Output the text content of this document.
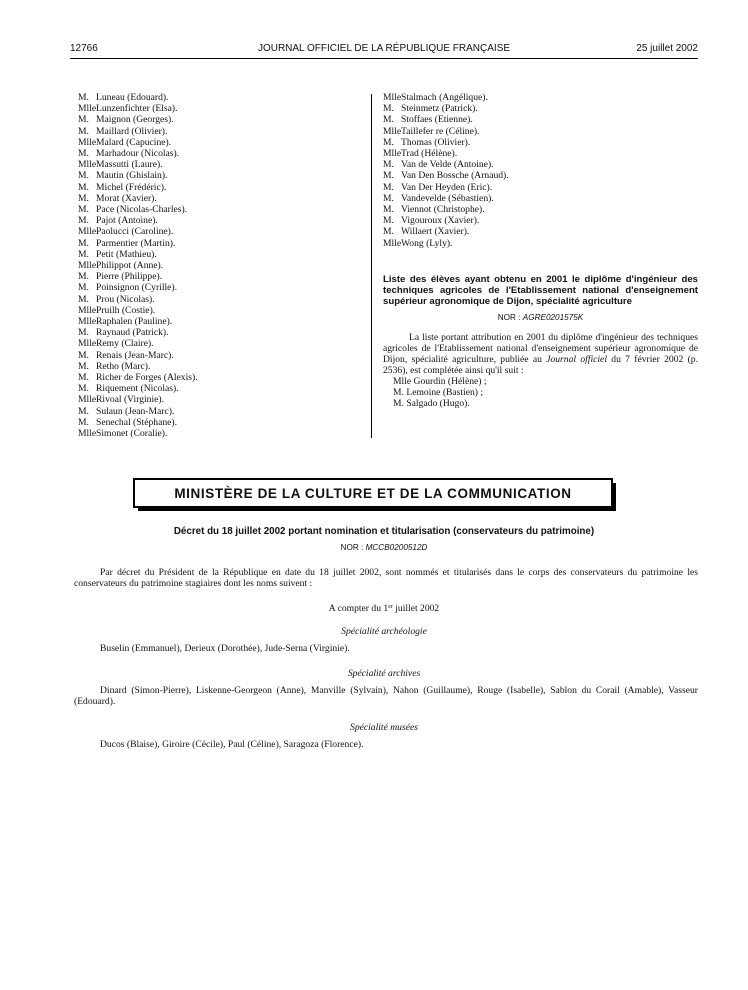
12766	JOURNAL OFFICIEL DE LA RÉPUBLIQUE FRANÇAISE	25 juillet 2002
M. Luneau (Edouard).
MlleLunzenfichter (Elsa).
M. Maignon (Georges).
M. Maillard (Olivier).
MlleMalard (Capucine).
M. Marhadour (Nicolas).
MlleMassutti (Laure).
M. Mautin (Ghislain).
M. Michel (Frédéric).
M. Morat (Xavier).
M. Pace (Nicolas-Charles).
M. Pajot (Antoine).
MllePaolucci (Caroline).
M. Parmentier (Martin).
M. Petit (Mathieu).
MllePhilippot (Anne).
M. Pierre (Philippe).
M. Poinsignon (Cyrille).
M. Prou (Nicolas).
MllePruilh (Costie).
MlleRaphalen (Pauline).
M. Raynaud (Patrick).
MlleRemy (Claire).
M. Renais (Jean-Marc).
M. Retho (Marc).
M. Richer de Forges (Alexis).
M. Riquement (Nicolas).
MlleRivoal (Virginie).
M. Sulaun (Jean-Marc).
M. Senechal (Stéphane).
MlleSimonet (Coralie).
MlleStalmach (Angélique).
M. Steinmetz (Patrick).
M. Stoffaes (Etienne).
MlleTaillefer re (Céline).
M. Thomas (Olivier).
MlleTrad (Hélène).
M. Van de Velde (Antoine).
M. Van Den Bossche (Arnaud).
M. Van Der Heyden (Eric).
M. Vandevelde (Sébastien).
M. Viennot (Christophe).
M. Vigouroux (Xavier).
M. Willaert (Xavier).
MlleWong (Lyly).
Liste des élèves ayant obtenu en 2001 le diplôme d'ingénieur des techniques agricoles de l'Etablissement national d'enseignement supérieur agronomique de Dijon, spécialité agriculture
NOR : AGRE0201575K
La liste portant attribution en 2001 du diplôme d'ingénieur des techniques agricoles de l'Etablissement national d'enseignement supérieur agronomique de Dijon, spécialité agriculture, publiée au Journal officiel du 7 février 2002 (p. 2536), est complétée ainsi qu'il suit :
Mlle Gourdin (Hélène) ;
M. Lemoine (Bastien) ;
M. Salgado (Hugo).
MINISTÈRE DE LA CULTURE ET DE LA COMMUNICATION
Décret du 18 juillet 2002 portant nomination et titularisation (conservateurs du patrimoine)
NOR : MCCB0200512D
Par décret du Président de la République en date du 18 juillet 2002, sont nommés et titularisés dans le corps des conservateurs du patrimoine les conservateurs du patrimoine stagiaires dont les noms suivent :
A compter du 1er juillet 2002
Spécialité archéologie
Buselin (Emmanuel), Derieux (Dorothée), Jude-Serna (Virginie).
Spécialité archives
Dinard (Simon-Pierre), Liskenne-Georgeon (Anne), Manville (Sylvain), Nahon (Guillaume), Rouge (Isabelle), Sablon du Corail (Amable), Vasseur (Edouard).
Spécialité musées
Ducos (Blaise), Giroire (Cécile), Paul (Céline), Saragoza (Florence).
